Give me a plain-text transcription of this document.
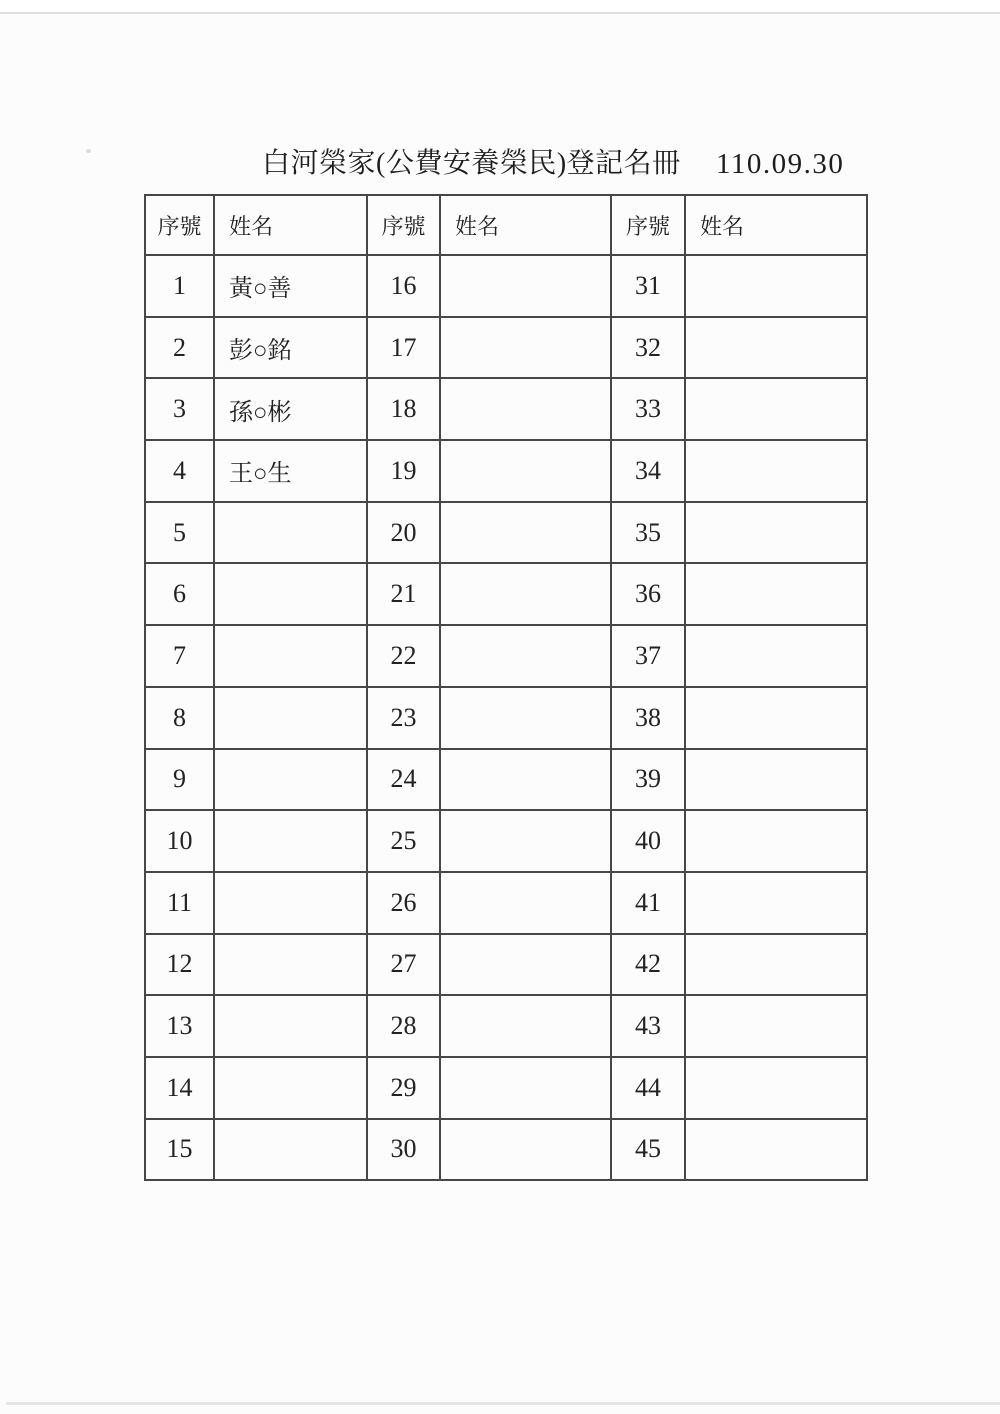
白河榮家(公費安養榮民)登記名冊 110.09.30
序號	姓名	序號	姓名	序號	姓名
1	黃○善	16		31	
2	彭○銘	17		32	
3	孫○彬	18		33	
4	王○生	19		34	
5		20		35	
6		21		36	
7		22		37	
8		23		38	
9		24		39	
10		25		40	
11		26		41	
12		27		42	
13		28		43	
14		29		44	
15		30		45	
